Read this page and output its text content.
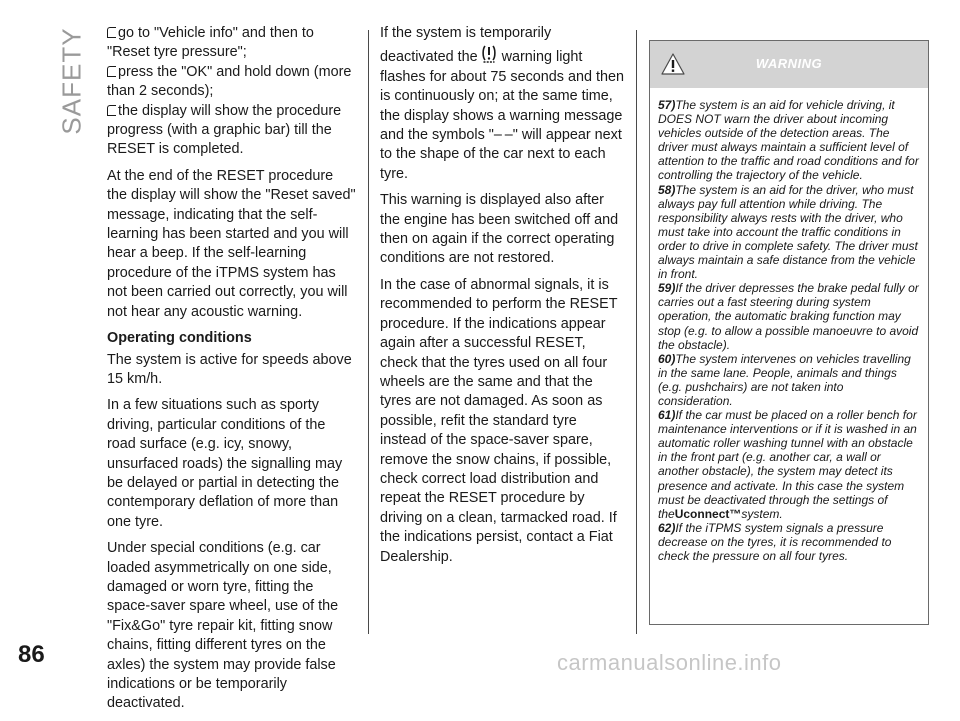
SAFETY
86	carmanualsonline.info

go to "Vehicle info" and then to "Reset tyre pressure";

press the "OK" and hold down (more than 2 seconds);

the display will show the procedure progress (with a graphic bar) till the RESET is completed.

At the end of the RESET procedure the display will show the "Reset saved" message, indicating that the self-learning has been started and you will hear a beep. If the self-learning procedure of the iTPMS system has not been carried out correctly, you will not hear any acoustic warning.

Operating conditions

The system is active for speeds above 15 km/h.

In a few situations such as sporty driving, particular conditions of the road surface (e.g. icy, snowy, unsurfaced roads) the signalling may be delayed or partial in detecting the contemporary deflation of more than one tyre.

Under special conditions (e.g. car loaded asymmetrically on one side, damaged or worn tyre, fitting the space-saver spare wheel, use of the "Fix&Go" tyre repair kit, fitting snow chains, fitting different tyres on the axles) the system may provide false indications or be temporarily deactivated.

If the system is temporarily deactivated the warning light flashes for about 75 seconds and then is continuously on; at the same time, the display shows a warning message and the symbols "– –" will appear next to the shape of the car next to each tyre.

This warning is displayed also after the engine has been switched off and then on again if the correct operating conditions are not restored.

In the case of abnormal signals, it is recommended to perform the RESET procedure. If the indications appear again after a successful RESET, check that the tyres used on all four wheels are the same and that the tyres are not damaged. As soon as possible, refit the standard tyre instead of the space-saver spare, remove the snow chains, if possible, check correct load distribution and repeat the RESET procedure by driving on a clean, tarmacked road. If the indications persist, contact a Fiat Dealership.

WARNING

57)The system is an aid for vehicle driving, it DOES NOT warn the driver about incoming vehicles outside of the detection areas. The driver must always maintain a sufficient level of attention to the traffic and road conditions and for controlling the trajectory of the vehicle.

58)The system is an aid for the driver, who must always pay full attention while driving. The responsibility always rests with the driver, who must take into account the traffic conditions in order to drive in complete safety. The driver must always maintain a safe distance from the vehicle in front.

59)If the driver depresses the brake pedal fully or carries out a fast steering during system operation, the automatic braking function may stop (e.g. to allow a possible manoeuvre to avoid the obstacle).

60)The system intervenes on vehicles travelling in the same lane. People, animals and things (e.g. pushchairs) are not taken into consideration.

61)If the car must be placed on a roller bench for maintenance interventions or if it is washed in an automatic roller washing tunnel with an obstacle in the front part (e.g. another car, a wall or another obstacle), the system may detect its presence and activate. In this case the system must be deactivated through the settings of theUconnect™system.

62)If the iTPMS system signals a pressure decrease on the tyres, it is recommended to check the pressure on all four tyres.
